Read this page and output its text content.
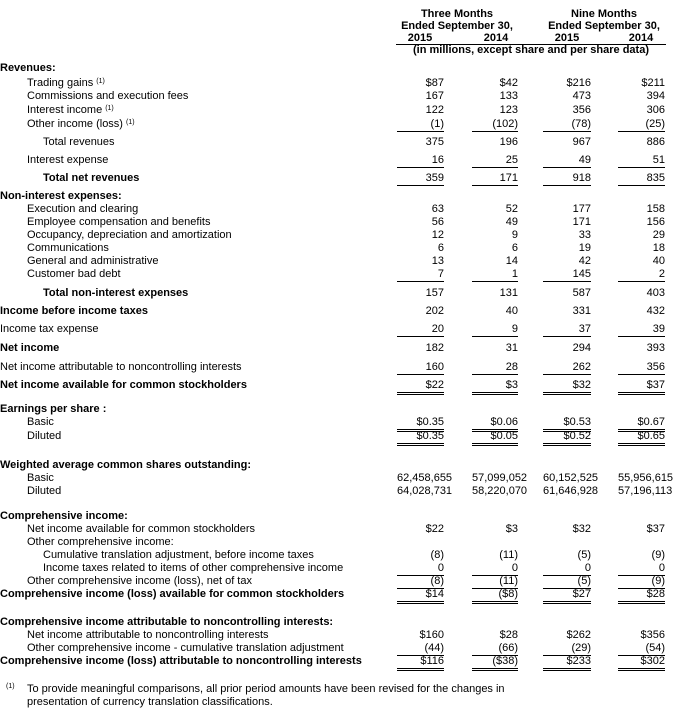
Three Months
Ended September 30,
Nine Months
Ended September 30,
2015	2014	2015	2014
(in millions, except share and per share data)
Revenues:
Trading gains $^{(1)}$	$87	$42	$216	$211
Commissions and execution fees	167	133	473	394
Interest income $^{(1)}$	122	123	356	306
Other income (loss) $^{(1)}$	(1)	(102)	(78)	(25)
Total revenues	375	196	967	886
Interest expense	16	25	49	51
Total net revenues	359	171	918	835
Non-interest expenses:
Execution and clearing	63	52	177	158
Employee compensation and benefits	56	49	171	156
Occupancy, depreciation and amortization	12	9	33	29
Communications	6	6	19	18
General and administrative	13	14	42	40
Customer bad debt	7	1	145	2
Total non-interest expenses	157	131	587	403
Income before income taxes	202	40	331	432
Income tax expense	20	9	37	39
Net income	182	31	294	393
Net income attributable to noncontrolling interests	160	28	262	356
Net income available for common stockholders	$22	$3	$32	$37
Earnings per share :
Basic	$0.35	$0.06	$0.53	$0.67
Diluted	$0.35	$0.05	$0.52	$0.65
Weighted average common shares outstanding:
Basic	62,458,655 57,099,052 60,152,525 55,956,615
Diluted	64,028,731 58,220,070 61,646,928 57,196,113
Comprehensive income:
Net income available for common stockholders	$22	$3	$32	$37
Other comprehensive income:
Cumulative translation adjustment, before income taxes	(8)	(11)	(5)	(9)
Income taxes related to items of other comprehensive income	0	0	0	0
Other comprehensive income (loss), net of tax	(8)	(11)	(5)	(9)
Comprehensive income (loss) available for common stockholders	$14	($8)	$27	$28
Comprehensive income attributable to noncontrolling interests:
Net income attributable to noncontrolling interests	$160	$28	$262	$356
Other comprehensive income - cumulative translation adjustment	(44)	(66)	(29)	(54)
Comprehensive income (loss) attributable to noncontrolling interests	$116	($38)	$233	$302
(1) To provide meaningful comparisons, all prior period amounts have been revised for the changes in
presentation of currency translation classifications.
